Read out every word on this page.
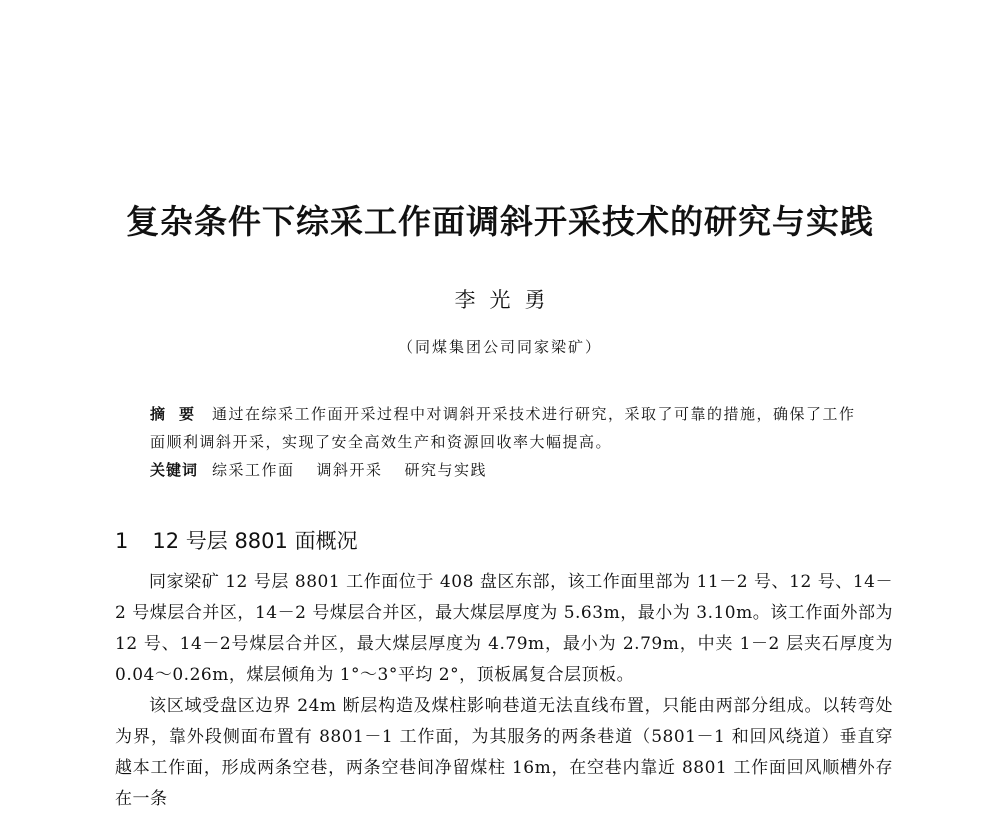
复杂条件下综采工作面调斜开采技术的研究与实践
李光勇
（同煤集团公司同家梁矿）

摘要 通过在综采工作面开采过程中对调斜开采技术进行研究，采取了可靠的措施，确保了工作面顺利调斜开采，实现了安全高效生产和资源回收率大幅提高。

关键词 综采工作面 调斜开采 研究与实践

1 12 号层 8801 面概况

同家梁矿 12 号层 8801 工作面位于 408 盘区东部，该工作面里部为 11－2 号、12 号、14－2 号煤层合并区，14－2 号煤层合并区，最大煤层厚度为 5.63m，最小为 3.10m。该工作面外部为 12 号、14－2号煤层合并区，最大煤层厚度为 4.79m，最小为 2.79m，中夹 1－2 层夹石厚度为 0.04～0.26m，煤层倾角为 1°～3°平均 2°，顶板属复合层顶板。

该区域受盘区边界 24m 断层构造及煤柱影响巷道无法直线布置，只能由两部分组成。以转弯处为界，靠外段侧面布置有 8801－1 工作面，为其服务的两条巷道（5801－1 和回风绕道）垂直穿越本工作面，形成两条空巷，两条空巷间净留煤柱 16m，在空巷内靠近 8801 工作面回风顺槽外存在一条
